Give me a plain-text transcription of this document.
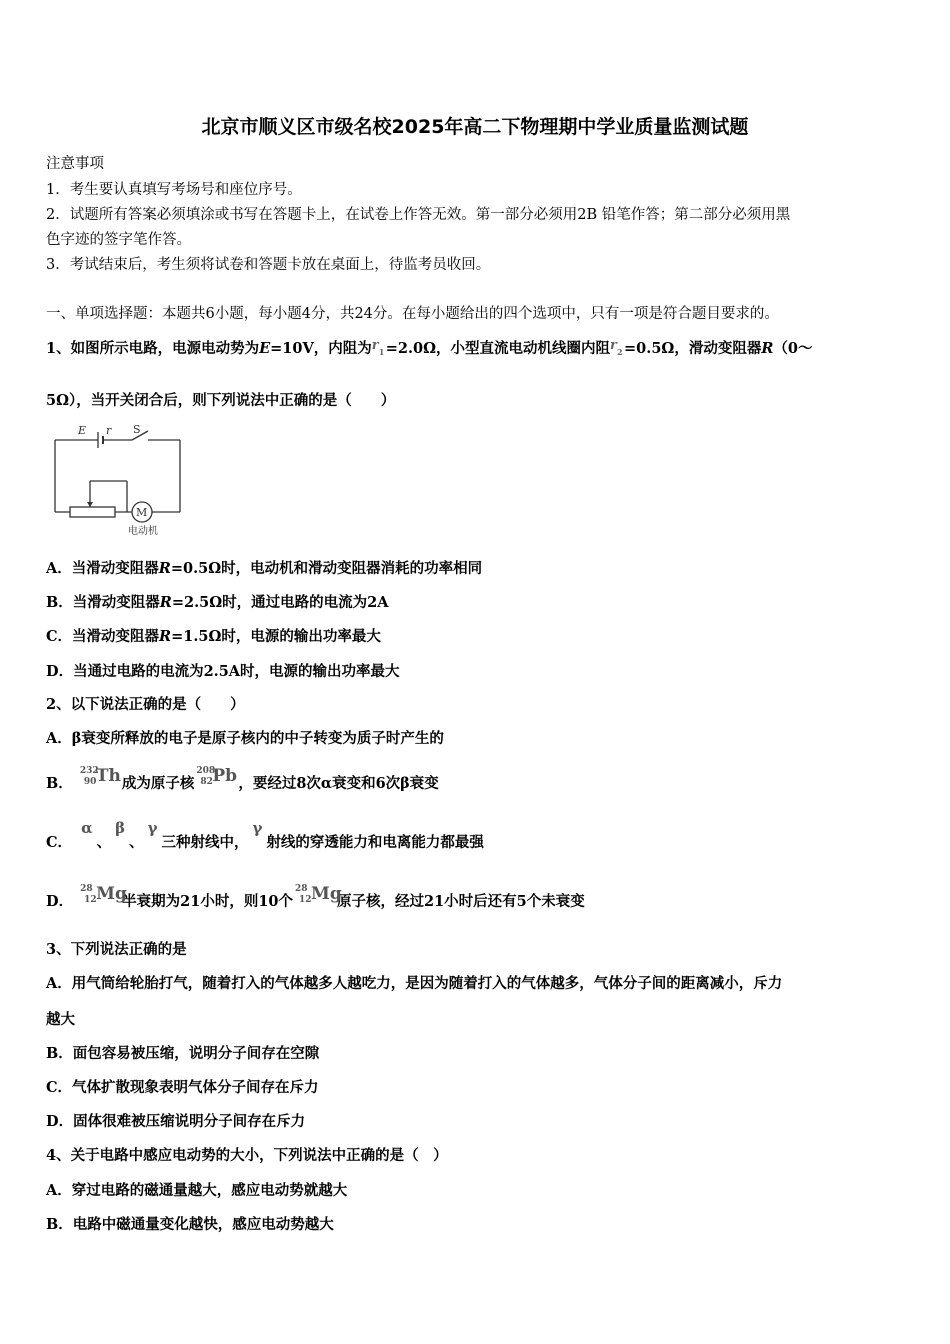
北京市顺义区市级名校2025年高二下物理期中学业质量监测试题
注意事项
1．考生要认真填写考场号和座位序号。
2．试题所有答案必须填涂或书写在答题卡上，在试卷上作答无效。第一部分必须用2B 铅笔作答；第二部分必须用黑
色字迹的签字笔作答。
3．考试结束后，考生须将试卷和答题卡放在桌面上，待监考员收回。
一、单项选择题：本题共6小题，每小题4分，共24分。在每小题给出的四个选项中，只有一项是符合题目要求的。
1、如图所示电路，电源电动势为E=10V，内阻为r 1 =2.0Ω，小型直流电动机线圈内阻r 2 =0.5Ω，滑动变阻器R（0～
5Ω），当开关闭合后，则下列说法中正确的是（　　）
E r S
M
电动机
A．当滑动变阻器R=0.5Ω时，电动机和滑动变阻器消耗的功率相同
B．当滑动变阻器R=2.5Ω时，通过电路的电流为2A
C．当滑动变阻器R=1.5Ω时，电源的输出功率最大
D．当通过电路的电流为2.5A时，电源的输出功率最大
2、以下说法正确的是（　　）
A．β衰变所释放的电子是原子核内的中子转变为质子时产生的
B．
232
90 Th 成为原子核
208
82 Pb ，要经过8次α衰变和6次β衰变
C． α、β、γ三种射线中，γ射线的穿透能力和电离能力都最强
D．
28
12 Mg
半衰期为21小时，则10个
28
12 Mg
原子核，经过21小时后还有5个未衰变
3、下列说法正确的是
A．用气筒给轮胎打气，随着打入的气体越多人越吃力，是因为随着打入的气体越多，气体分子间的距离减小，斥力
越大
B．面包容易被压缩，说明分子间存在空隙
C．气体扩散现象表明气体分子间存在斥力
D．固体很难被压缩说明分子间存在斥力
4、关于电路中感应电动势的大小，下列说法中正确的是（　）
A．穿过电路的磁通量越大，感应电动势就越大
B．电路中磁通量变化越快，感应电动势越大
